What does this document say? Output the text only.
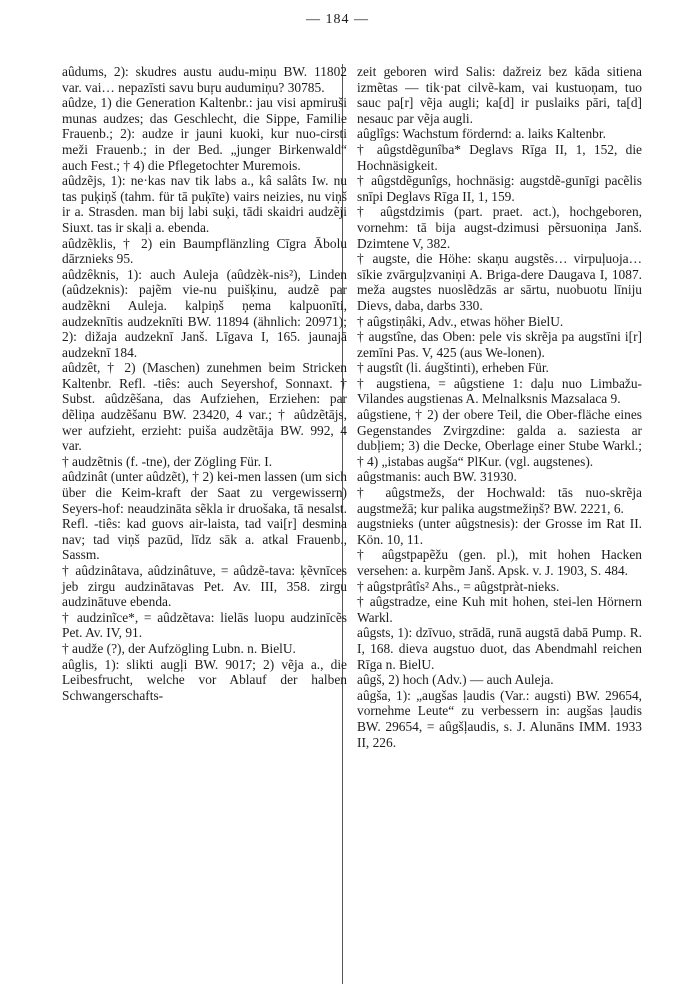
— 184 —

aûdums, 2): skudres austu audu-miņu BW. 11802 var. vai… nepazīsti savu buŗu audumiņu? 30785.

aûdze, 1) die Generation Kaltenbr.: jau visi apmiruši munas audzes; das Geschlecht, die Sippe, Familie Frauenb.; 2): audze ir jauni kuoki, kur nuo-cirsti meži Frauenb.; in der Bed. „junger Birkenwald“ auch Fest.; † 4) die Pflegetochter Muremois.

aûdzẽjs, 1): ne·kas nav tik labs a., kâ salâts Iw. nu tas puķiņš (tahm. für tā puķīte) vairs neizies, nu viņš ir a. Strasden. man bij labi suķi, tādi skaidri audzẽji Siuxt. tas ir skaļi a. ebenda.

aûdzẽklis, † 2) ein Baumpflänzling Cīgra Ābolu dārznieks 95.

aûdzêknis, 1): auch Auleja (aûdzèk-nis²), Linden (aûdzeknis): pajẽm vie-nu puišķinu, audzẽ par audzẽkni Auleja. kalpiņš ņemа kalpuonīti, audzeknītis audzeknīti BW. 11894 (ähnlich: 20971); 2): dižaja audzeknī Janš. Līgava I, 165. jaunajā audzeknī 184.

aûdzêt, † 2) (Maschen) zunehmen beim Stricken Kaltenbr. Refl. -tiês: auch Seyershof, Sonnaxt. † Subst. aûdzẽšana, das Aufziehen, Erziehen: par dẽliņa audzẽšanu BW. 23420, 4 var.; † aûdzẽtājs, wer aufzieht, erzieht: puiša audzẽtāja BW. 992, 4 var.

† audzẽtnis (f. -tne), der Zögling Für. I.

aûdzinât (unter aûdzẽt), † 2) kei-men lassen (um sich über die Keim-kraft der Saat zu vergewissern) Seyers-hof: neaudzināta sẽkla ir druošaka, tā nesalst. Refl. -tiês: kad guovs air-laista, tad vai[r] desmina nav; tad viņš pazūd, līdz sāk a. atkal Frauenb., Sassm.

† aûdzinâtava, aûdzinâtuve, = aûdzẽ-tava: ķẽvnīces jeb zirgu audzinātavas Pet. Av. III, 358. zirgu audzinātuve ebenda.

† audzinĩce*, = aûdzẽtava: lielās luopu audzinīcẽs Pet. Av. IV, 91.

† audže (?), der Aufzögling Lubn. n. BielU.

aûglis, 1): slikti augļi BW. 9017; 2) vẽja a., die Leibesfrucht, welche vor Ablauf der halben Schwangerschafts-

zeit geboren wird Salis: dažreiz bez kāda sitiena izmẽtas — tik·pat cilvẽ-kam, vai kustuoņam, tuo sauc pa[r] vẽja augli; ka[d] ir puslaiks pāri, ta[d] nesauc par vẽja augli.

aûglîgs: Wachstum fördernd: a. laiks Kaltenbr.

† aûgstdẽgunîba* Deglavs Rīga II, 1, 152, die Hochnäsigkeit.

† aûgstdẽgunîgs, hochnäsig: augstdẽ-gunīgi pacẽlis snīpi Deglavs Rīga II, 1, 159.

† aûgstdzimis (part. praet. act.), hochgeboren, vornehm: tā bija augst-dzimusi pẽrsuoniņa Janš. Dzimtene V, 382.

† augste, die Höhe: skaņu augstẽs… virpuļuoja… sīkie zvārguļzvaniņi A. Briga-dere Daugava I, 1087. meža augstes nuoslẽdzās ar sārtu, nuobuotu līniju Dievs, daba, darbs 330.

† aûgstiņâki, Adv., etwas höher BielU.

† augstîne, das Oben: pele vis skrẽja pa augstīni i[r] zemīni Pas. V, 425 (aus We-lonen).

† augstît (li. áugštinti), erheben Für.

† augstiena, = aûgstiene 1: daļu nuo Limbažu-Vilandes augstienas A. Melnalksnis Mazsalaca 9.

aûgstiene, † 2) der obere Teil, die Ober-fläche eines Gegenstandes Zvirgzdine: galda a. saziesta ar dubļiem; 3) die Decke, Oberlage einer Stube Warkl.; † 4) „istabas augša“ PlKur. (vgl. augstenes).

aûgstmanis: auch BW. 31930.

† aûgstmežs, der Hochwald: tās nuo-skrẽja augstmežā; kur palika augstmežiņš? BW. 2221, 6.

augstnieks (unter aûgstnesis): der Grosse im Rat II. Kön. 10, 11.

† aûgstpapẽžu (gen. pl.), mit hohen Hacken versehen: a. kurpẽm Janš. Apsk. v. J. 1903, S. 484.

† aûgstprâtîs² Ahs., = aûgstpràt-nieks.

† aûgstradze, eine Kuh mit hohen, stei-len Hörnern Warkl.

aûgsts, 1): dzīvuo, strādā, runā augstā dabā Pump. R. I, 168. dieva augstuo duot, das Abendmahl reichen Rīga n. BielU.

aûgš, 2) hoch (Adv.) — auch Auleja.

aûgša, 1): „augšas ļaudis (Var.: augsti) BW. 29654, vornehme Leute“ zu verbessern in: augšas ļaudis BW. 29654, = aûgšļaudis, s. J. Alunāns IMM. 1933 II, 226.
